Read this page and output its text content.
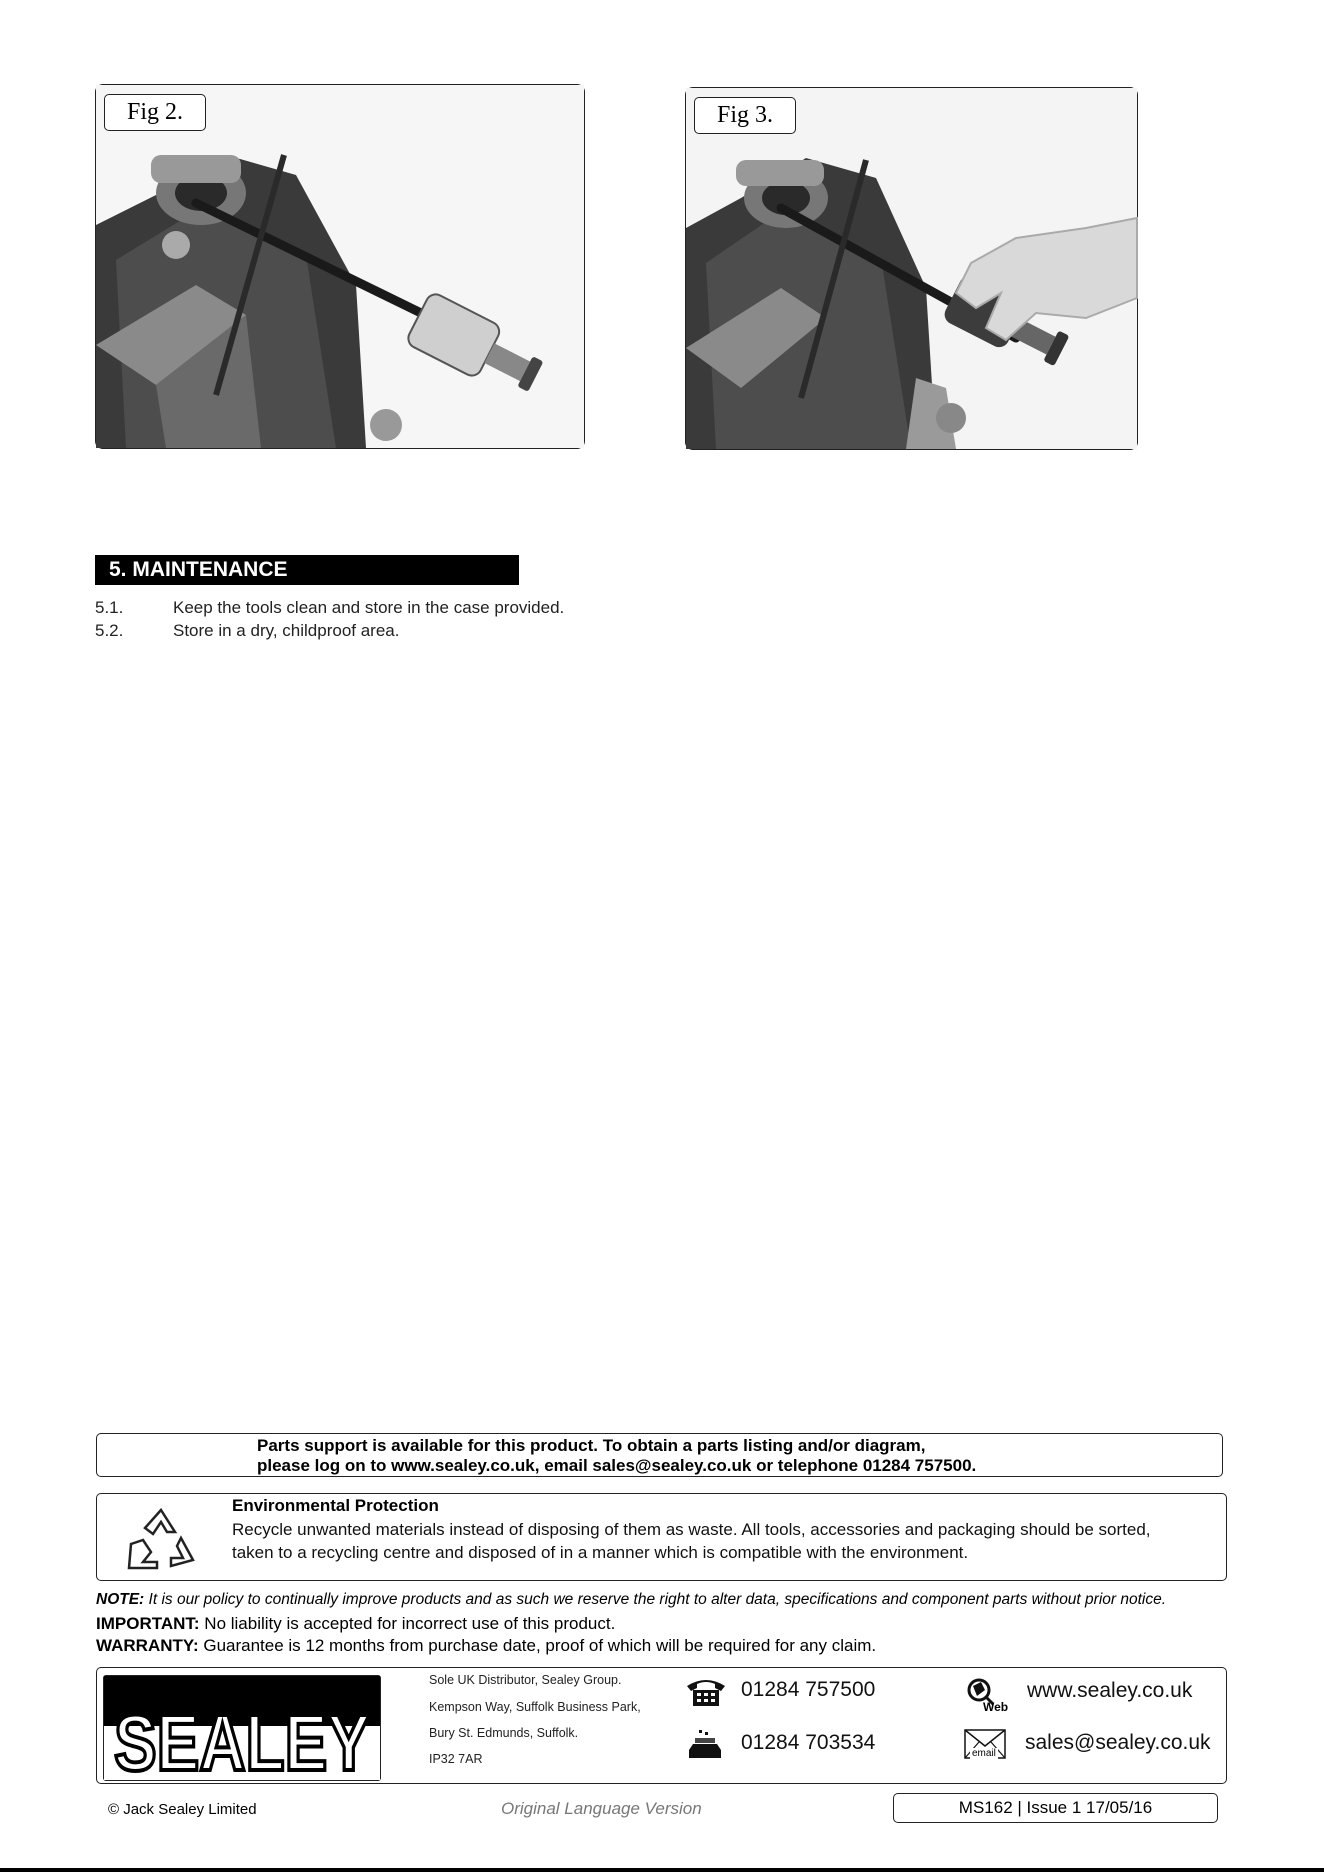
Fig 2.	Fig 3.
5. MAINTENANCE
5.1.	Keep the tools clean and store in the case provided.
5.2.	Store in a dry, childproof area.
Parts support is available for this product. To obtain a parts listing and/or diagram,
please log on to www.sealey.co.uk, email sales@sealey.co.uk or telephone 01284 757500.
Environmental Protection
Recycle unwanted materials instead of disposing of them as waste. All tools, accessories and packaging should be sorted,
taken to a recycling centre and disposed of in a manner which is compatible with the environment.
NOTE: It is our policy to continually improve products and as such we reserve the right to alter data, specifications and component parts without prior notice.
IMPORTANT: No liability is accepted for incorrect use of this product.
WARRANTY: Guarantee is 12 months from purchase date, proof of which will be required for any claim.
SEALEY
Sole UK Distributor, Sealey Group.
Kempson Way, Suffolk Business Park,
Bury St. Edmunds, Suffolk.
IP32 7AR
01284 757500
01284 703534
Web
www.sealey.co.uk
email sales@sealey.co.uk
© Jack Sealey Limited	Original Language Version	MS162 | Issue 1 17/05/16
